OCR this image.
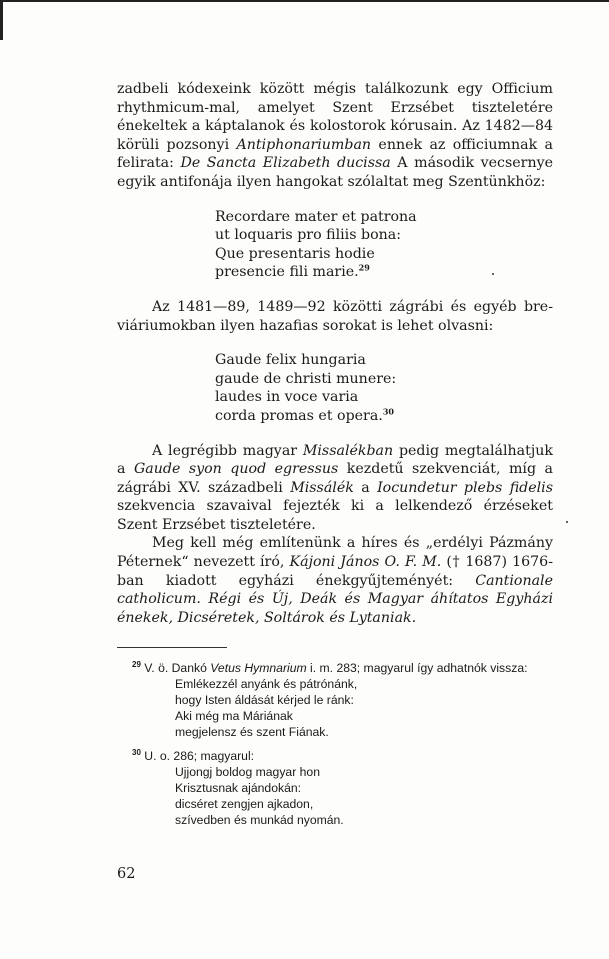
zadbeli kódexeink között mégis találkozunk egy Officium rhythmicum-mal, amelyet Szent Erzsébet tiszteletére énekeltek a káptalanok és kolostorok kórusain. Az 1482—84 körüli pozsonyi Antiphonariumban ennek az officiumnak a felirata: De Sancta Elizabeth ducissa A második vecsernye egyik antifonája ilyen hangokat szólaltat meg Szentünkhöz:

Recordare mater et patrona
ut loquaris pro filiis bona:
Que presentaris hodie
presencie fili marie.$^{29}$

Az 1481—89, 1489—92 közötti zágrábi és egyéb breviáriumokban ilyen hazafias sorokat is lehet olvasni:

Gaude felix hungaria
gaude de christi munere:
laudes in voce varia
corda promas et opera.$^{30}$

A legrégibb magyar Missalékban pedig megtalálhatjuk a Gaude syon quod egressus kezdetű szekvenciát, míg a zágrábi XV. századbeli Missálék a Iocundetur plebs fidelis szekvencia szavaival fejezték ki a lelkendező érzéseket Szent Erzsébet tiszteletére.

Meg kell még említenünk a híres és „erdélyi Pázmány Péternek“ nevezett író, Kájoni János O. F. M. († 1687) 1676-ban kiadott egyházi énekgyűjteményét: Cantionale catholicum. Régi és Új, Deák és Magyar áhítatos Egyházi énekek, Dicséretek, Soltárok és Lytaniak.

$^{29}$ V. ö. Dankó Vetus Hymnarium i. m. 283; magyarul így adhatnók vissza:

Emlékezzél anyánk és pátrónánk,
hogy Isten áldását kérjed le ránk:
Aki még ma Máriának
megjelensz és szent Fiának.

$^{30}$ U. o. 286; magyarul:

Ujjongj boldog magyar hon
Krisztusnak ajándokán:
dicséret zengjen ajkadon,
szívedben és munkád nyomán.
62
